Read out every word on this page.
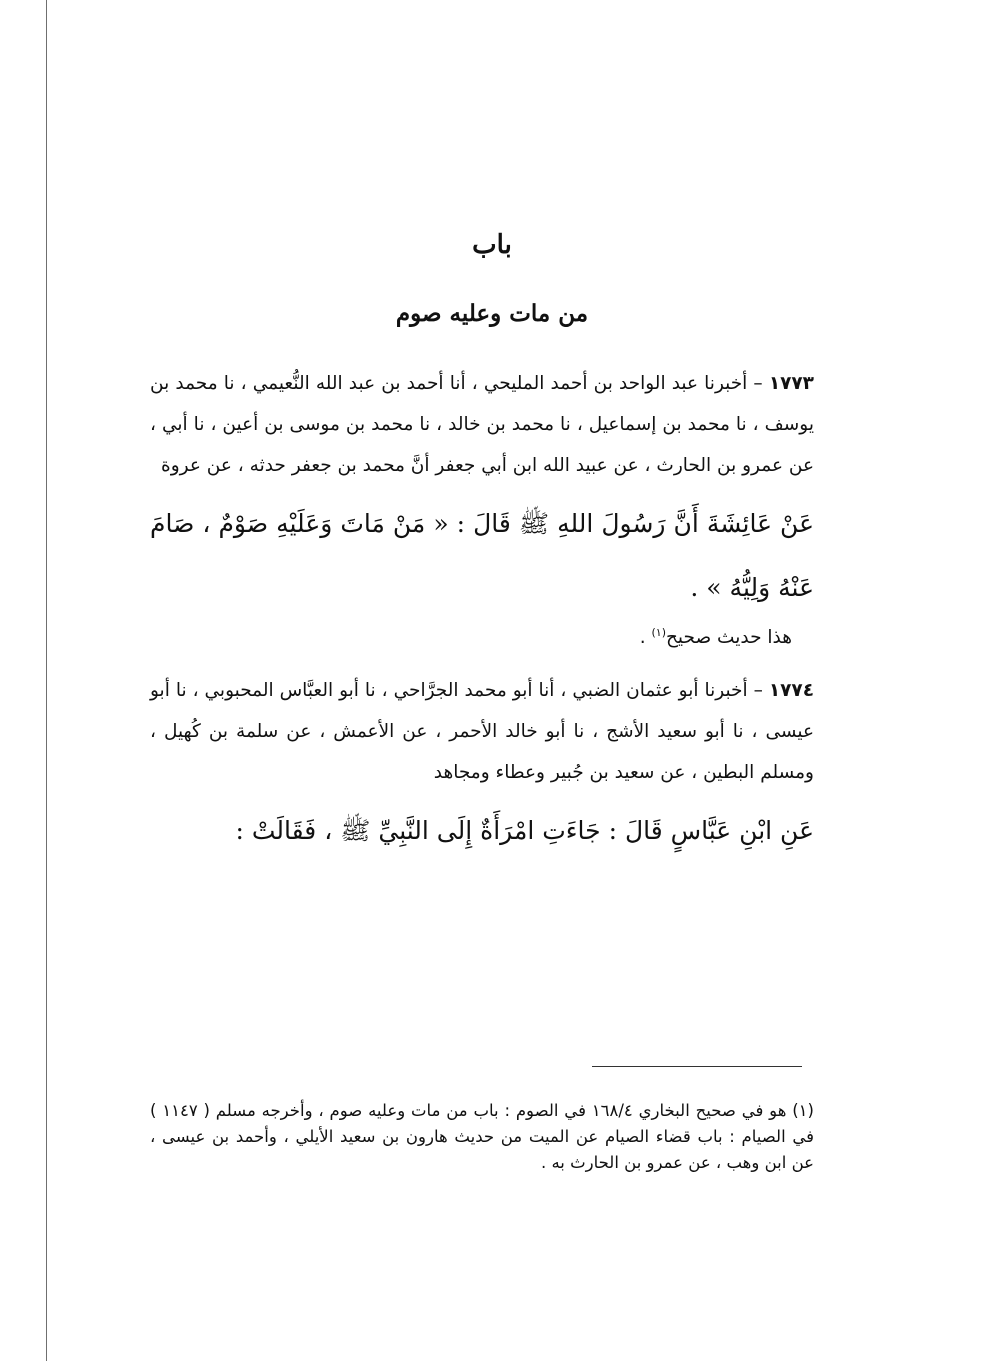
باب
من مات وعليه صوم

١٧٧٣ – أخبرنا عبد الواحد بن أحمد المليحي ، أنا أحمد بن عبد الله النُّعيمي ، نا محمد بن يوسف ، نا محمد بن إسماعيل ، نا محمد بن خالد ، نا محمد بن موسى بن أعين ، نا أبي ، عن عمرو بن الحارث ، عن عبيد الله ابن أبي جعفر أنَّ محمد بن جعفر حدثه ، عن عروة

عَنْ عَائِشَةَ أَنَّ رَسُولَ اللهِ ﷺ قَالَ : « مَنْ مَاتَ وَعَلَيْهِ صَوْمٌ ، صَامَ عَنْهُ وَلِيُّهُ » .

هذا حديث صحيح$^{(١)}$ .

١٧٧٤ – أخبرنا أبو عثمان الضبي ، أنا أبو محمد الجرَّاحي ، نا أبو العبَّاس المحبوبي ، نا أبو عيسى ، نا أبو سعيد الأشج ، نا أبو خالد الأحمر ، عن الأعمش ، عن سلمة بن كُهيل ، ومسلم البطين ، عن سعيد بن جُبير وعطاء ومجاهد

عَنِ ابْنِ عَبَّاسٍ قَالَ : جَاءَتِ امْرَأَةٌ إِلَى النَّبِيِّ ﷺ ، فَقَالَتْ :

(١) هو في صحيح البخاري ١٦٨/٤ في الصوم : باب من مات وعليه صوم ، وأخرجه مسلم ( ١١٤٧ ) في الصيام : باب قضاء الصيام عن الميت من حديث هارون بن سعيد الأيلي ، وأحمد بن عيسى ، عن ابن وهب ، عن عمرو بن الحارث به .
